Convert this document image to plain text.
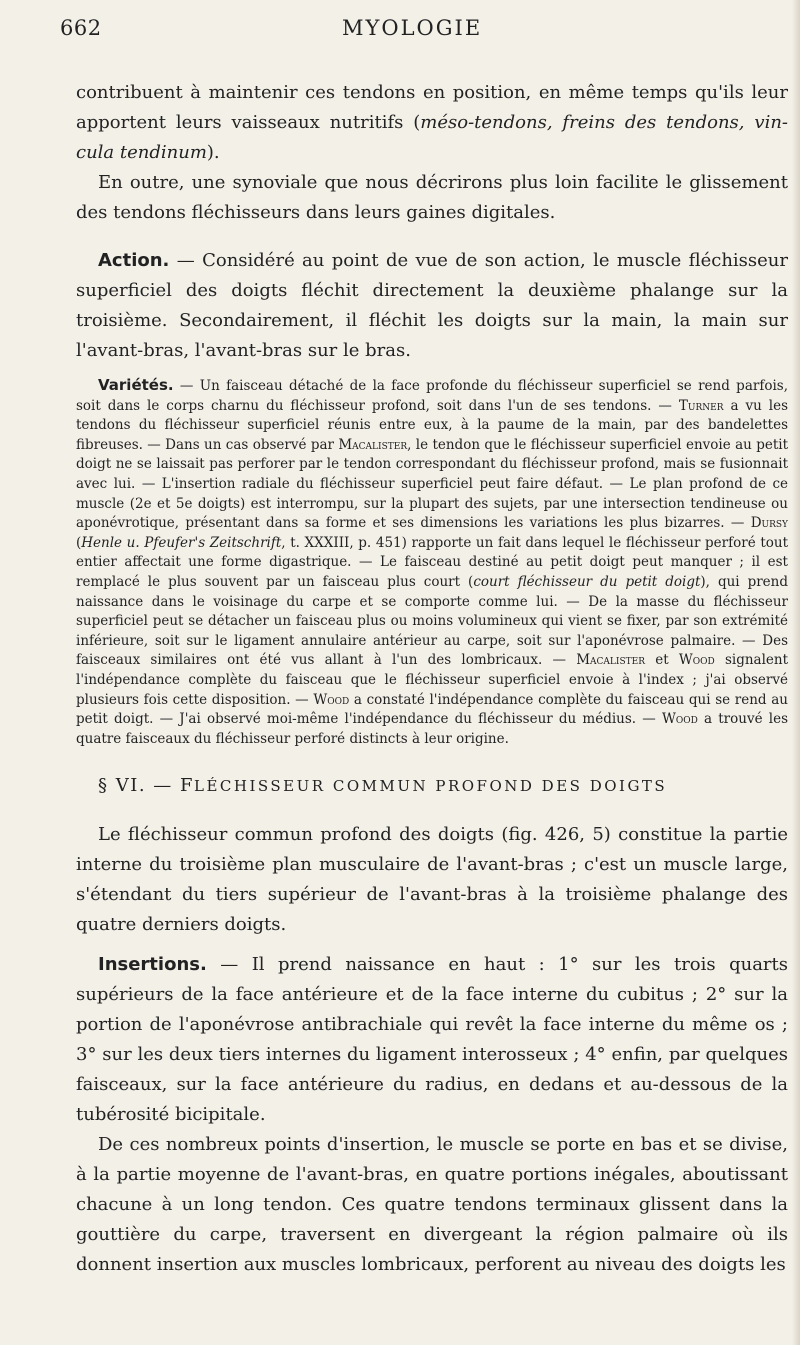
662	MYOLOGIE

contribuent à maintenir ces tendons en position, en même temps qu'ils leur apportent leurs vaisseaux nutritifs (méso-tendons, freins des tendons, vin-cula tendinum).

En outre, une synoviale que nous décrirons plus loin facilite le glissement des tendons fléchisseurs dans leurs gaines digitales.

Action. — Considéré au point de vue de son action, le muscle fléchisseur superficiel des doigts fléchit directement la deuxième phalange sur la troisième. Secondairement, il fléchit les doigts sur la main, la main sur l'avant-bras, l'avant-bras sur le bras.

Variétés. — Un faisceau détaché de la face profonde du fléchisseur superficiel se rend parfois, soit dans le corps charnu du fléchisseur profond, soit dans l'un de ses tendons. — Turner a vu les tendons du fléchisseur superficiel réunis entre eux, à la paume de la main, par des bandelettes fibreuses. — Dans un cas observé par Macalister, le tendon que le fléchisseur superficiel envoie au petit doigt ne se laissait pas perforer par le tendon correspondant du fléchisseur profond, mais se fusionnait avec lui. — L'insertion radiale du fléchisseur superficiel peut faire défaut. — Le plan profond de ce muscle (2e et 5e doigts) est interrompu, sur la plupart des sujets, par une intersection tendineuse ou aponévrotique, présentant dans sa forme et ses dimensions les variations les plus bizarres. — Dursy (Henle u. Pfeufer's Zeitschrift, t. XXXIII, p. 451) rapporte un fait dans lequel le fléchisseur perforé tout entier affectait une forme digastrique. — Le faisceau destiné au petit doigt peut manquer ; il est remplacé le plus souvent par un faisceau plus court (court fléchisseur du petit doigt), qui prend naissance dans le voisinage du carpe et se comporte comme lui. — De la masse du fléchisseur superficiel peut se détacher un faisceau plus ou moins volumineux qui vient se fixer, par son extrémité inférieure, soit sur le ligament annulaire antérieur au carpe, soit sur l'aponévrose palmaire. — Des faisceaux similaires ont été vus allant à l'un des lombricaux. — Macalister et Wood signalent l'indépendance complète du faisceau que le fléchisseur superficiel envoie à l'index ; j'ai observé plusieurs fois cette disposition. — Wood a constaté l'indépendance complète du faisceau qui se rend au petit doigt. — J'ai observé moi-même l'indépendance du fléchisseur du médius. — Wood a trouvé les quatre faisceaux du fléchisseur perforé distincts à leur origine.

§ VI. — FLÉCHISSEUR COMMUN PROFOND DES DOIGTS

Le fléchisseur commun profond des doigts (fig. 426, 5) constitue la partie interne du troisième plan musculaire de l'avant-bras ; c'est un muscle large, s'étendant du tiers supérieur de l'avant-bras à la troisième phalange des quatre derniers doigts.

Insertions. — Il prend naissance en haut : 1° sur les trois quarts supérieurs de la face antérieure et de la face interne du cubitus ; 2° sur la portion de l'aponévrose antibrachiale qui revêt la face interne du même os ; 3° sur les deux tiers internes du ligament interosseux ; 4° enfin, par quelques faisceaux, sur la face antérieure du radius, en dedans et au-dessous de la tubérosité bicipitale.

De ces nombreux points d'insertion, le muscle se porte en bas et se divise, à la partie moyenne de l'avant-bras, en quatre portions inégales, aboutissant chacune à un long tendon. Ces quatre tendons terminaux glissent dans la gouttière du carpe, traversent en divergeant la région palmaire où ils donnent insertion aux muscles lombricaux, perforent au niveau des doigts les
